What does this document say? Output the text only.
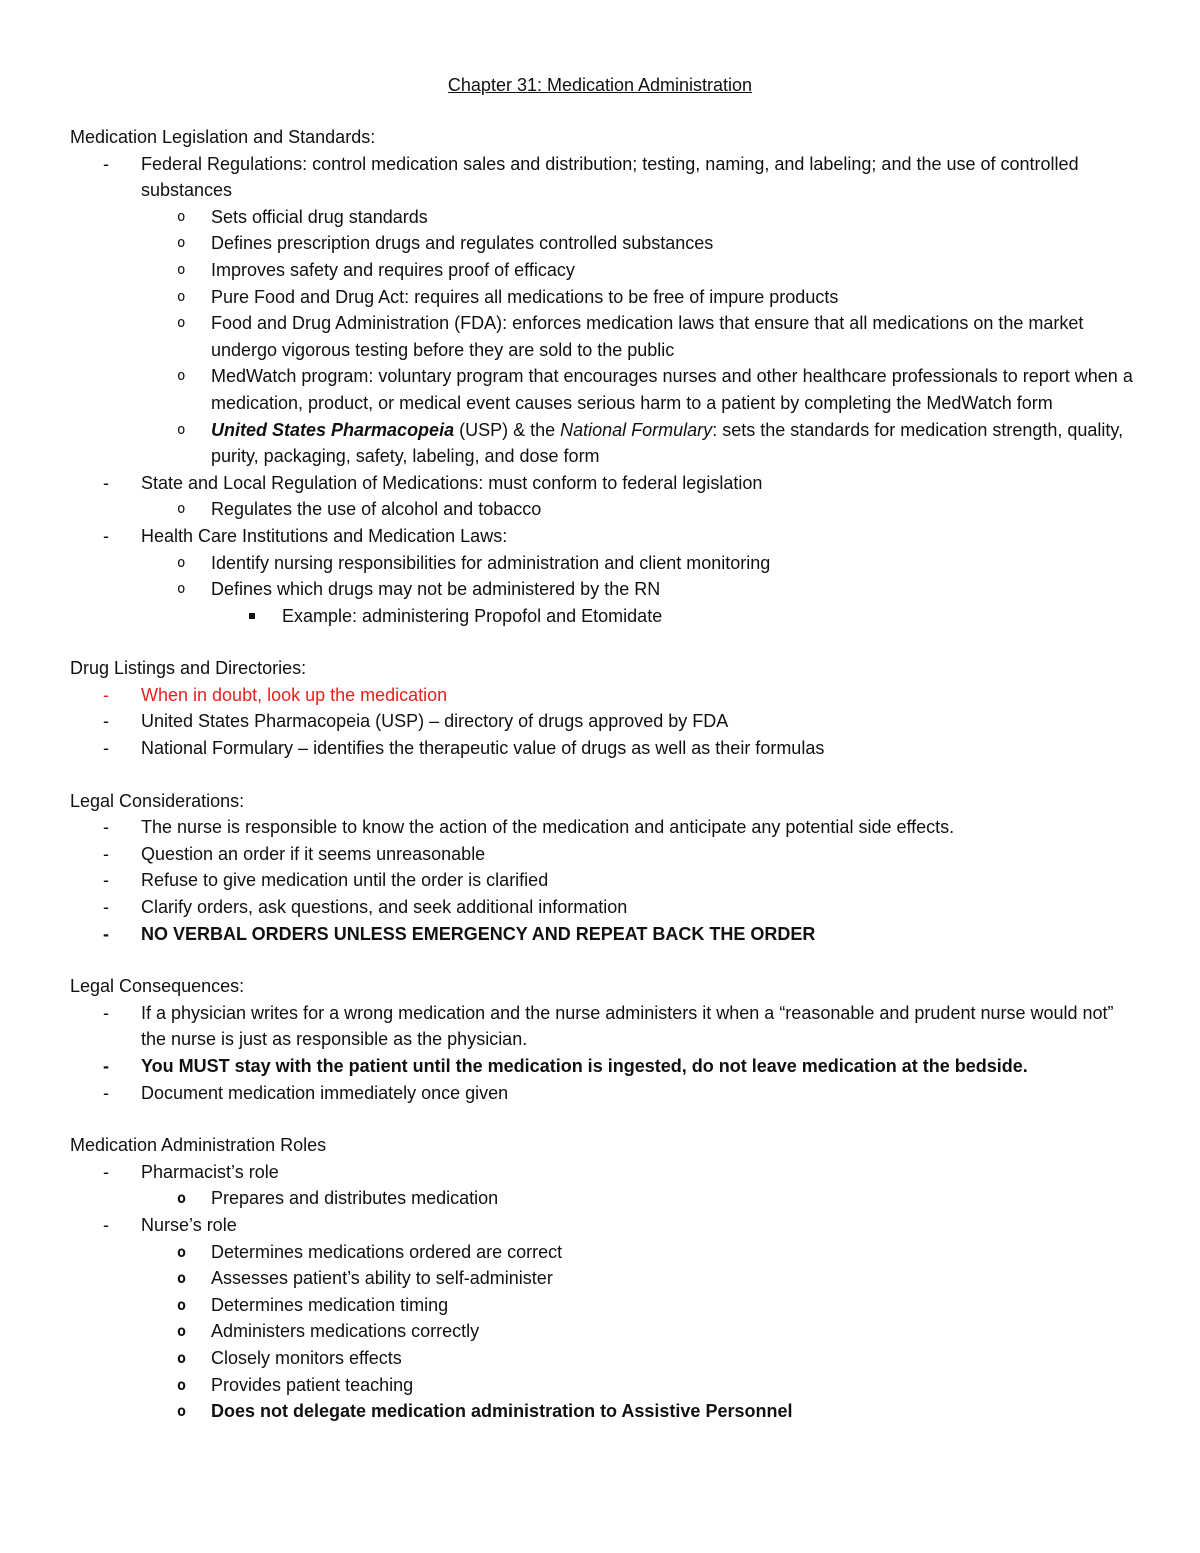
Chapter 31: Medication Administration

Medication Legislation and Standards:

- Federal Regulations: control medication sales and distribution; testing, naming, and labeling; and the use of controlled substances
o Sets official drug standards
o Defines prescription drugs and regulates controlled substances
o Improves safety and requires proof of efficacy
o Pure Food and Drug Act: requires all medications to be free of impure products
o Food and Drug Administration (FDA): enforces medication laws that ensure that all medications on the market undergo vigorous testing before they are sold to the public
o MedWatch program: voluntary program that encourages nurses and other healthcare professionals to report when a medication, product, or medical event causes serious harm to a patient by completing the MedWatch form
o United States Pharmacopeia (USP) & the National Formulary: sets the standards for medication strength, quality, purity, packaging, safety, labeling, and dose form
- State and Local Regulation of Medications: must conform to federal legislation
o Regulates the use of alcohol and tobacco
- Health Care Institutions and Medication Laws:
o Identify nursing responsibilities for administration and client monitoring
o Defines which drugs may not be administered by the RN
Example: administering Propofol and Etomidate

Drug Listings and Directories:

- When in doubt, look up the medication
- United States Pharmacopeia (USP) – directory of drugs approved by FDA
- National Formulary – identifies the therapeutic value of drugs as well as their formulas

Legal Considerations:

- The nurse is responsible to know the action of the medication and anticipate any potential side effects.
- Question an order if it seems unreasonable
- Refuse to give medication until the order is clarified
- Clarify orders, ask questions, and seek additional information
- NO VERBAL ORDERS UNLESS EMERGENCY AND REPEAT BACK THE ORDER

Legal Consequences:

- If a physician writes for a wrong medication and the nurse administers it when a “reasonable and prudent nurse would not” the nurse is just as responsible as the physician.
- You MUST stay with the patient until the medication is ingested, do not leave medication at the bedside.
- Document medication immediately once given

Medication Administration Roles

- Pharmacist’s role
o Prepares and distributes medication
- Nurse’s role
o Determines medications ordered are correct
o Assesses patient’s ability to self-administer
o Determines medication timing
o Administers medications correctly
o Closely monitors effects
o Provides patient teaching
o Does not delegate medication administration to Assistive Personnel
